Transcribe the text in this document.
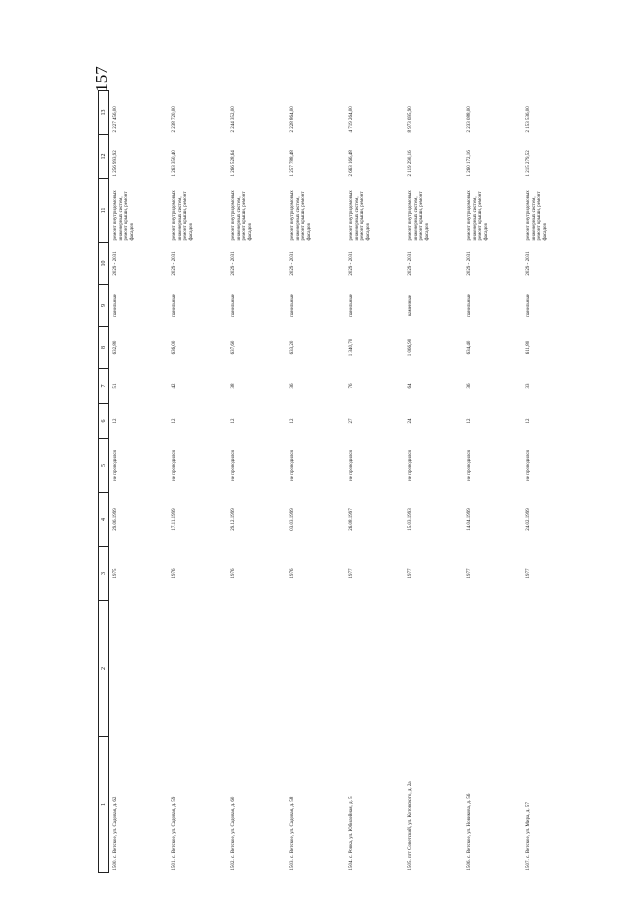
157
1	2	3	4	5	6	7	8	9	10	11	12	13
1500. с. Ветское, ул. Садовая, д. 62		1975	29.06.1999	не проводился	12	51	632,80	панельные	2029 - 2031	ремонт внутридомовых инженерных систем, ремонт крыши, ремонт фасадов	1 256 993,92	2 227 456,00
1501. с. Ветское, ул. Садовая, д. 59		1976	17.11.1999	не проводился	12	42	636,00	панельные	2029 - 2031	ремонт внутридомовых инженерных систем, ремонт крыши, ремонт фасадов	1 263 350,40	2 238 720,00
1502. с. Ветское, ул. Садовая, д. 60		1976	29.12.1999	не проводился	12	38	637,60	панельные	2029 - 2031	ремонт внутридомовых инженерных систем, ремонт крыши, ремонт фасадов	1 266 528,64	2 244 352,00
1503. с. Ветское, ул. Садовая, д. 58		1976	03.03.1999	не проводился	12	36	633,20	панельные	2029 - 2031	ремонт внутридомовых инженерных систем, ремонт крыши, ремонт фасадов	1 257 788,48	2 228 864,00
1504. с. Ровка, ул. Юбилейная, д. 5		1977	26.08.1997	не проводился	27	76	1 340,70	панельные	2029 - 2031	ремонт внутридомовых инженерных систем, ремонт крыши, ремонт фасадов	2 663 166,48	4 719 264,00
1505. пгт Советский, ул. Котовского, д. 2а		1977	15.03.1993	не проводился	24	64	1 066,90	каменные	2029 - 2031	ремонт внутридомовых инженерных систем, ремонт крыши, ремонт фасадов	2 119 290,16	8 973 695,90
1506. с. Ветское, ул. Новикова, д. 56		1977	14.04.1999	не проводился	12	36	634,40	панельные	2029 - 2031	ремонт внутридомовых инженерных систем, ремонт крыши, ремонт фасадов	1 260 172,16	2 233 088,00
1507. с. Ветское, ул. Мира, д. 57		1977	24.02.1999	не проводился	12	33	611,80	панельные	2029 - 2031	ремонт внутридомовых инженерных систем, ремонт крыши, ремонт фасадов	1 215 279,52	2 153 536,00
